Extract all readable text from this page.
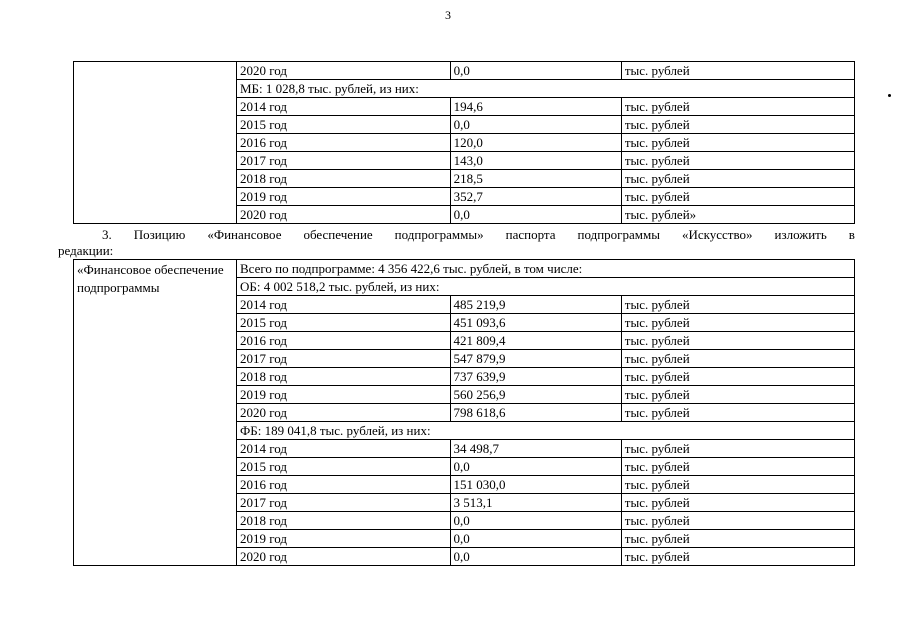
3
	2020 год	0,0	тыс. рублей
	МБ: 1 028,8 тыс. рублей, из них:		
	2014 год	194,6	тыс. рублей
	2015 год	0,0	тыс. рублей
	2016 год	120,0	тыс. рублей
	2017 год	143,0	тыс. рублей
	2018 год	218,5	тыс. рублей
	2019 год	352,7	тыс. рублей
	2020 год	0,0	тыс. рублей»
3. Позицию «Финансовое обеспечение подпрограммы» паспорта подпрограммы «Искусство» изложить в
редакции:
«Финансовое обеспечение подпрограммы	Всего по подпрограмме: 4 356 422,6 тыс. рублей, в том числе:		
	ОБ: 4 002 518,2 тыс. рублей, из них:		
	2014 год	485 219,9	тыс. рублей
	2015 год	451 093,6	тыс. рублей
	2016 год	421 809,4	тыс. рублей
	2017 год	547 879,9	тыс. рублей
	2018 год	737 639,9	тыс. рублей
	2019 год	560 256,9	тыс. рублей
	2020 год	798 618,6	тыс. рублей
	ФБ: 189 041,8 тыс. рублей, из них:		
	2014 год	34 498,7	тыс. рублей
	2015 год	0,0	тыс. рублей
	2016 год	151 030,0	тыс. рублей
	2017 год	3 513,1	тыс. рублей
	2018 год	0,0	тыс. рублей
	2019 год	0,0	тыс. рублей
	2020 год	0,0	тыс. рублей
